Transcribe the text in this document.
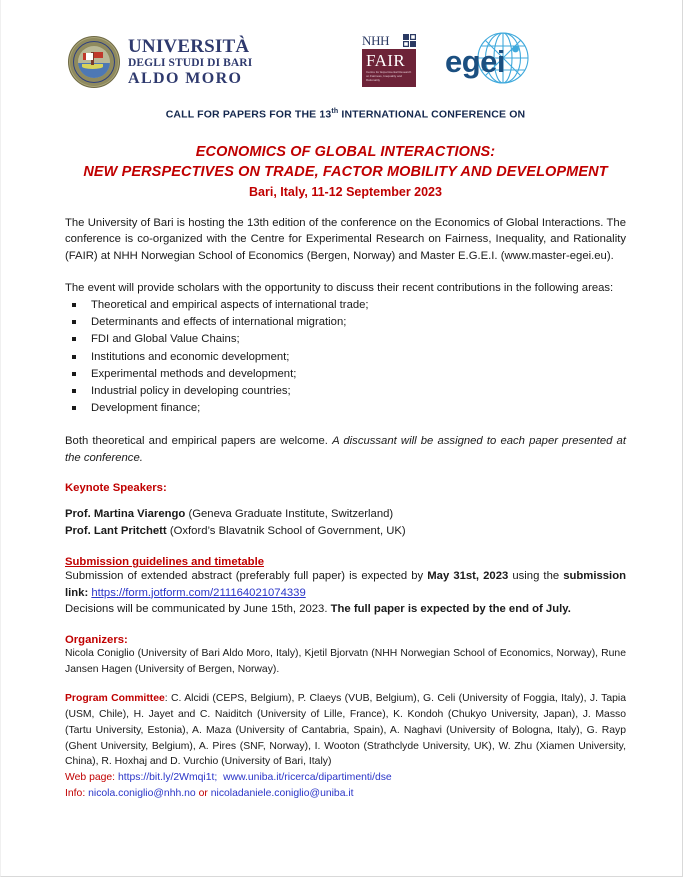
UNIVERSITÀ
DEGLI STUDI DI BARI
ALDO MORO
NHH
FAIR
Centre for Experimental Research on Fairness, Inequality and Rationality
egei
CALL FOR PAPERS FOR THE 13th INTERNATIONAL CONFERENCE ON
ECONOMICS OF GLOBAL INTERACTIONS:
NEW PERSPECTIVES ON TRADE, FACTOR MOBILITY AND DEVELOPMENT
Bari, Italy, 11-12 September 2023
The University of Bari is hosting the 13th edition of the conference on the Economics of Global Interactions. The conference is co-organized with the Centre for Experimental Research on Fairness, Inequality, and Rationality (FAIR) at NHH Norwegian School of Economics (Bergen, Norway) and Master E.G.E.I. (www.master-egei.eu).
The event will provide scholars with the opportunity to discuss their recent contributions in the following areas:
Theoretical and empirical aspects of international trade;
Determinants and effects of international migration;
FDI and Global Value Chains;
Institutions and economic development;
Experimental methods and development;
Industrial policy in developing countries;
Development finance;
Both theoretical and empirical papers are welcome. A discussant will be assigned to each paper presented at the conference.
Keynote Speakers:
Prof. Martina Viarengo (Geneva Graduate Institute, Switzerland)
Prof. Lant Pritchett (Oxford’s Blavatnik School of Government, UK)
Submission guidelines and timetable
Submission of extended abstract (preferably full paper) is expected by May 31st, 2023 using the submission link: https://form.jotform.com/211164021074339
Decisions will be communicated by June 15th, 2023. The full paper is expected by the end of July.
Organizers:
Nicola Coniglio (University of Bari Aldo Moro, Italy), Kjetil Bjorvatn (NHH Norwegian School of Economics, Norway), Rune Jansen Hagen (University of Bergen, Norway).
Program Committee: C. Alcidi (CEPS, Belgium), P. Claeys (VUB, Belgium), G. Celi (University of Foggia, Italy), J. Tapia (USM, Chile), H. Jayet and C. Naiditch (University of Lille, France), K. Kondoh (Chukyo University, Japan), J. Masso (Tartu University, Estonia), A. Maza (University of Cantabria, Spain), A. Naghavi (University of Bologna, Italy), G. Rayp (Ghent University, Belgium), A. Pires (SNF, Norway), I. Wooton (Strathclyde University, UK), W. Zhu (Xiamen University, China), R. Hoxhaj and D. Vurchio (University of Bari, Italy)
Web page: https://bit.ly/2Wmqi1t; www.uniba.it/ricerca/dipartimenti/dse
Info: nicola.coniglio@nhh.no or nicoladaniele.coniglio@uniba.it
